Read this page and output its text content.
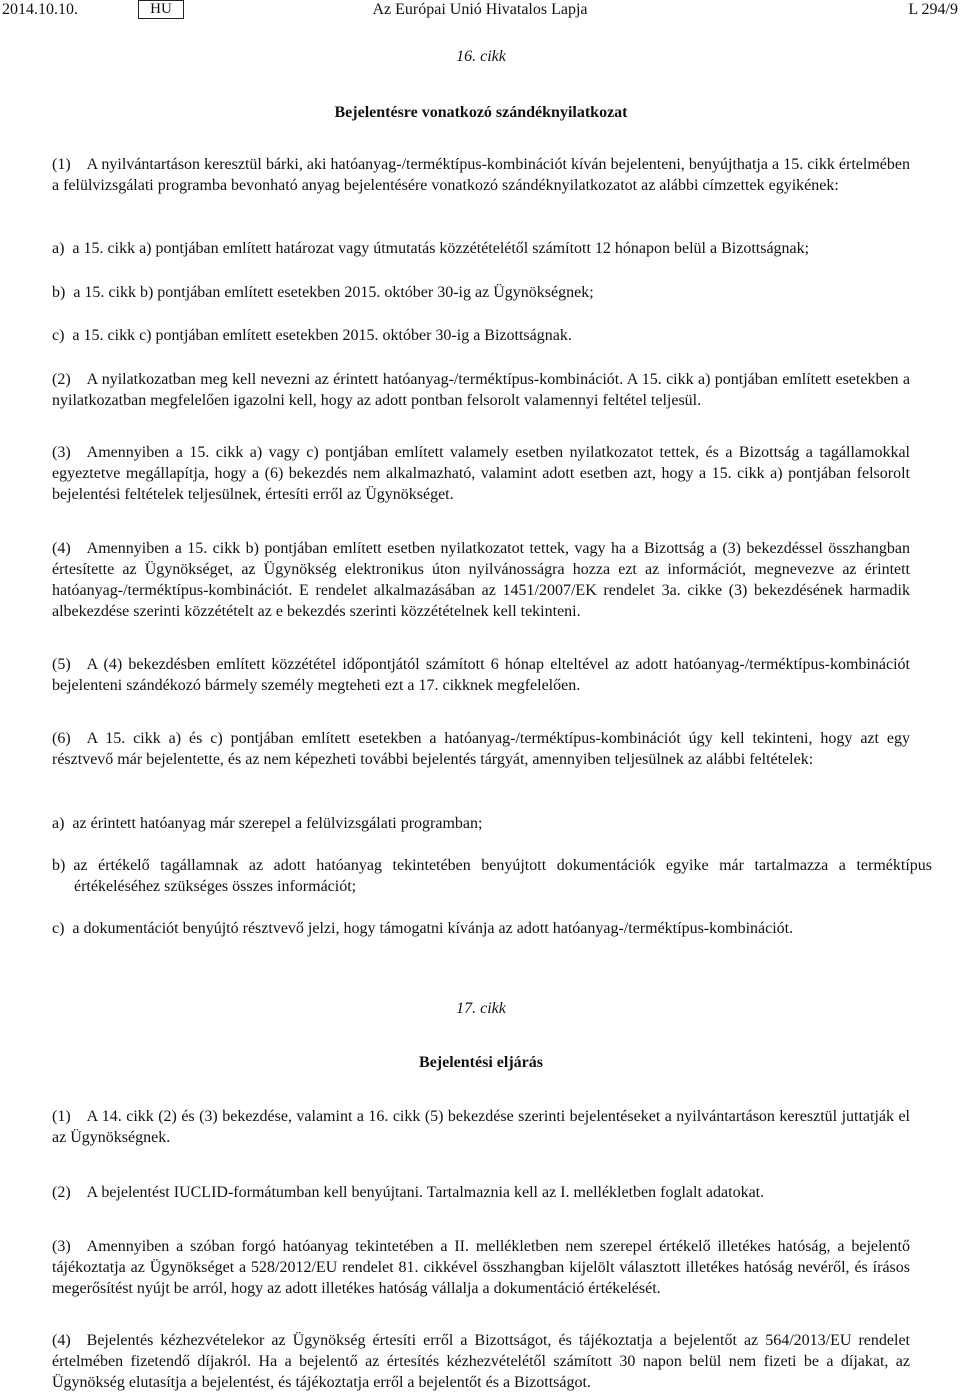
2014.10.10.	HU	Az Európai Unió Hivatalos Lapja	L 294/9
16. cikk
Bejelentésre vonatkozó szándéknyilatkozat

(1) A nyilvántartáson keresztül bárki, aki hatóanyag-/terméktípus-kombinációt kíván bejelenteni, benyújthatja a 15. cikk értelmében a felülvizsgálati programba bevonható anyag bejelentésére vonatkozó szándéknyilatkozatot az alábbi címzettek egyikének:

a) a 15. cikk a) pontjában említett határozat vagy útmutatás közzétételétől számított 12 hónapon belül a Bizottságnak;

b) a 15. cikk b) pontjában említett esetekben 2015. október 30-ig az Ügynökségnek;

c) a 15. cikk c) pontjában említett esetekben 2015. október 30-ig a Bizottságnak.

(2) A nyilatkozatban meg kell nevezni az érintett hatóanyag-/terméktípus-kombinációt. A 15. cikk a) pontjában említett esetekben a nyilatkozatban megfelelően igazolni kell, hogy az adott pontban felsorolt valamennyi feltétel teljesül.

(3) Amennyiben a 15. cikk a) vagy c) pontjában említett valamely esetben nyilatkozatot tettek, és a Bizottság a tagállamokkal egyeztetve megállapítja, hogy a (6) bekezdés nem alkalmazható, valamint adott esetben azt, hogy a 15. cikk a) pontjában felsorolt bejelentési feltételek teljesülnek, értesíti erről az Ügynökséget.

(4) Amennyiben a 15. cikk b) pontjában említett esetben nyilatkozatot tettek, vagy ha a Bizottság a (3) bekezdéssel összhangban értesítette az Ügynökséget, az Ügynökség elektronikus úton nyilvánosságra hozza ezt az információt, megnevezve az érintett hatóanyag-/terméktípus-kombinációt. E rendelet alkalmazásában az 1451/2007/EK rendelet 3a. cikke (3) bekezdésének harmadik albekezdése szerinti közzétételt az e bekezdés szerinti közzétételnek kell tekinteni.

(5) A (4) bekezdésben említett közzététel időpontjától számított 6 hónap elteltével az adott hatóanyag-/terméktípus-kombinációt bejelenteni szándékozó bármely személy megteheti ezt a 17. cikknek megfelelően.

(6) A 15. cikk a) és c) pontjában említett esetekben a hatóanyag-/terméktípus-kombinációt úgy kell tekinteni, hogy azt egy résztvevő már bejelentette, és az nem képezheti további bejelentés tárgyát, amennyiben teljesülnek az alábbi feltételek:

a) az érintett hatóanyag már szerepel a felülvizsgálati programban;

b) az értékelő tagállamnak az adott hatóanyag tekintetében benyújtott dokumentációk egyike már tartalmazza a terméktípus értékeléséhez szükséges összes információt;

c) a dokumentációt benyújtó résztvevő jelzi, hogy támogatni kívánja az adott hatóanyag-/terméktípus-kombinációt.

17. cikk
Bejelentési eljárás

(1) A 14. cikk (2) és (3) bekezdése, valamint a 16. cikk (5) bekezdése szerinti bejelentéseket a nyilvántartáson keresztül juttatják el az Ügynökségnek.

(2) A bejelentést IUCLID-formátumban kell benyújtani. Tartalmaznia kell az I. mellékletben foglalt adatokat.

(3) Amennyiben a szóban forgó hatóanyag tekintetében a II. mellékletben nem szerepel értékelő illetékes hatóság, a bejelentő tájékoztatja az Ügynökséget a 528/2012/EU rendelet 81. cikkével összhangban kijelölt választott illetékes hatóság nevéről, és írásos megerősítést nyújt be arról, hogy az adott illetékes hatóság vállalja a dokumentáció értékelését.

(4) Bejelentés kézhezvételekor az Ügynökség értesíti erről a Bizottságot, és tájékoztatja a bejelentőt az 564/2013/EU rendelet értelmében fizetendő díjakról. Ha a bejelentő az értesítés kézhezvételétől számított 30 napon belül nem fizeti be a díjakat, az Ügynökség elutasítja a bejelentést, és tájékoztatja erről a bejelentőt és a Bizottságot.
